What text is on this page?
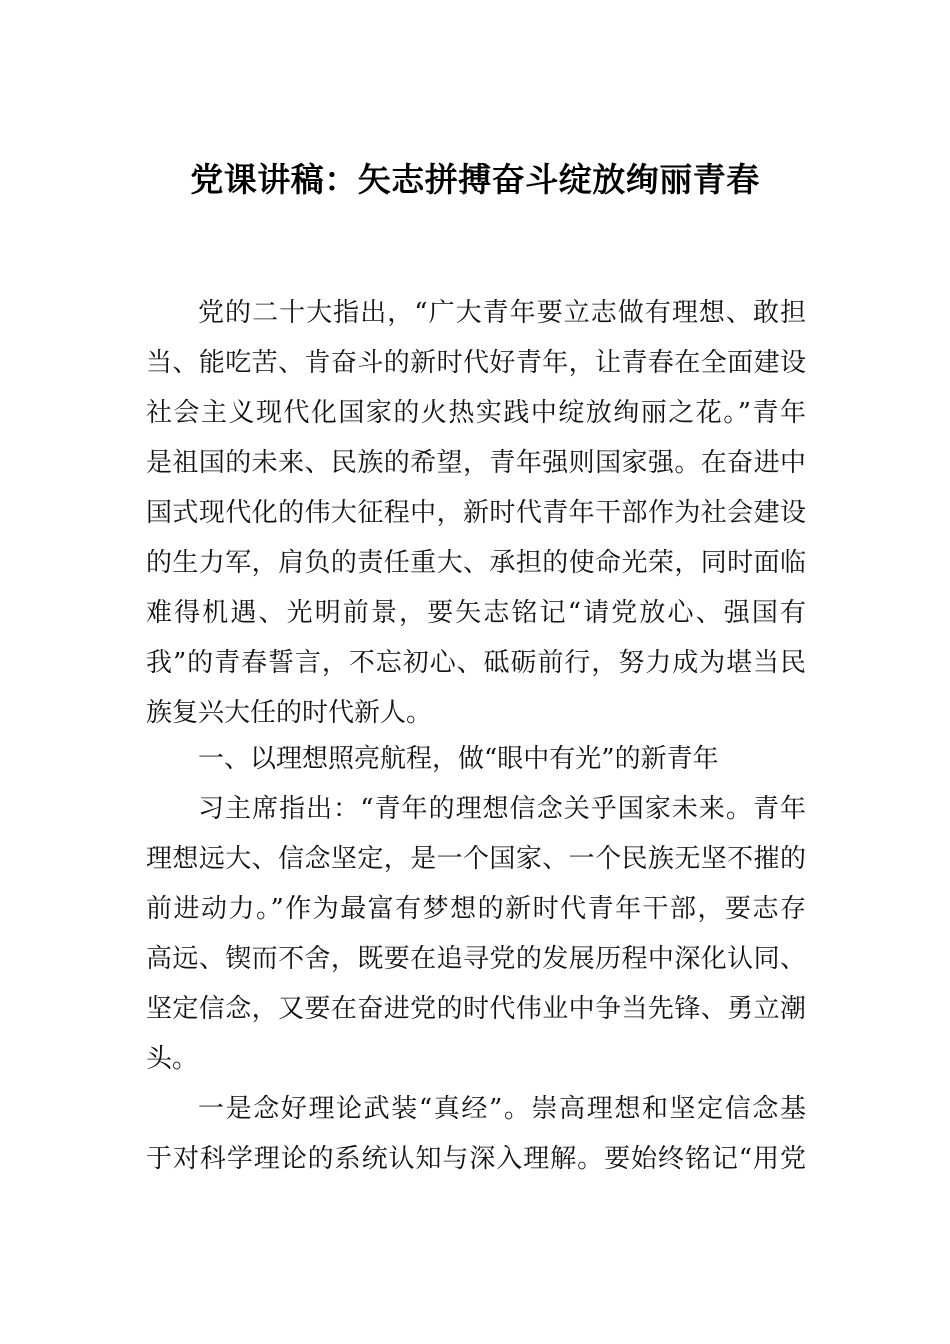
党课讲稿：矢志拼搏奋斗绽放绚丽青春
党的二十大指出，“广大青年要立志做有理想、敢担
当、能吃苦、肯奋斗的新时代好青年，让青春在全面建设
社会主义现代化国家的火热实践中绽放绚丽之花。”青年
是祖国的未来、民族的希望，青年强则国家强。在奋进中
国式现代化的伟大征程中，新时代青年干部作为社会建设
的生力军，肩负的责任重大、承担的使命光荣，同时面临
难得机遇、光明前景，要矢志铭记“请党放心、强国有
我”的青春誓言，不忘初心、砥砺前行，努力成为堪当民
族复兴大任的时代新人。
一、以理想照亮航程，做“眼中有光”的新青年
习主席指出：“青年的理想信念关乎国家未来。青年
理想远大、信念坚定，是一个国家、一个民族无坚不摧的
前进动力。”作为最富有梦想的新时代青年干部，要志存
高远、锲而不舍，既要在追寻党的发展历程中深化认同、
坚定信念，又要在奋进党的时代伟业中争当先锋、勇立潮
头。
一是念好理论武装“真经”。崇高理想和坚定信念基
于对科学理论的系统认知与深入理解。要始终铭记“用党
